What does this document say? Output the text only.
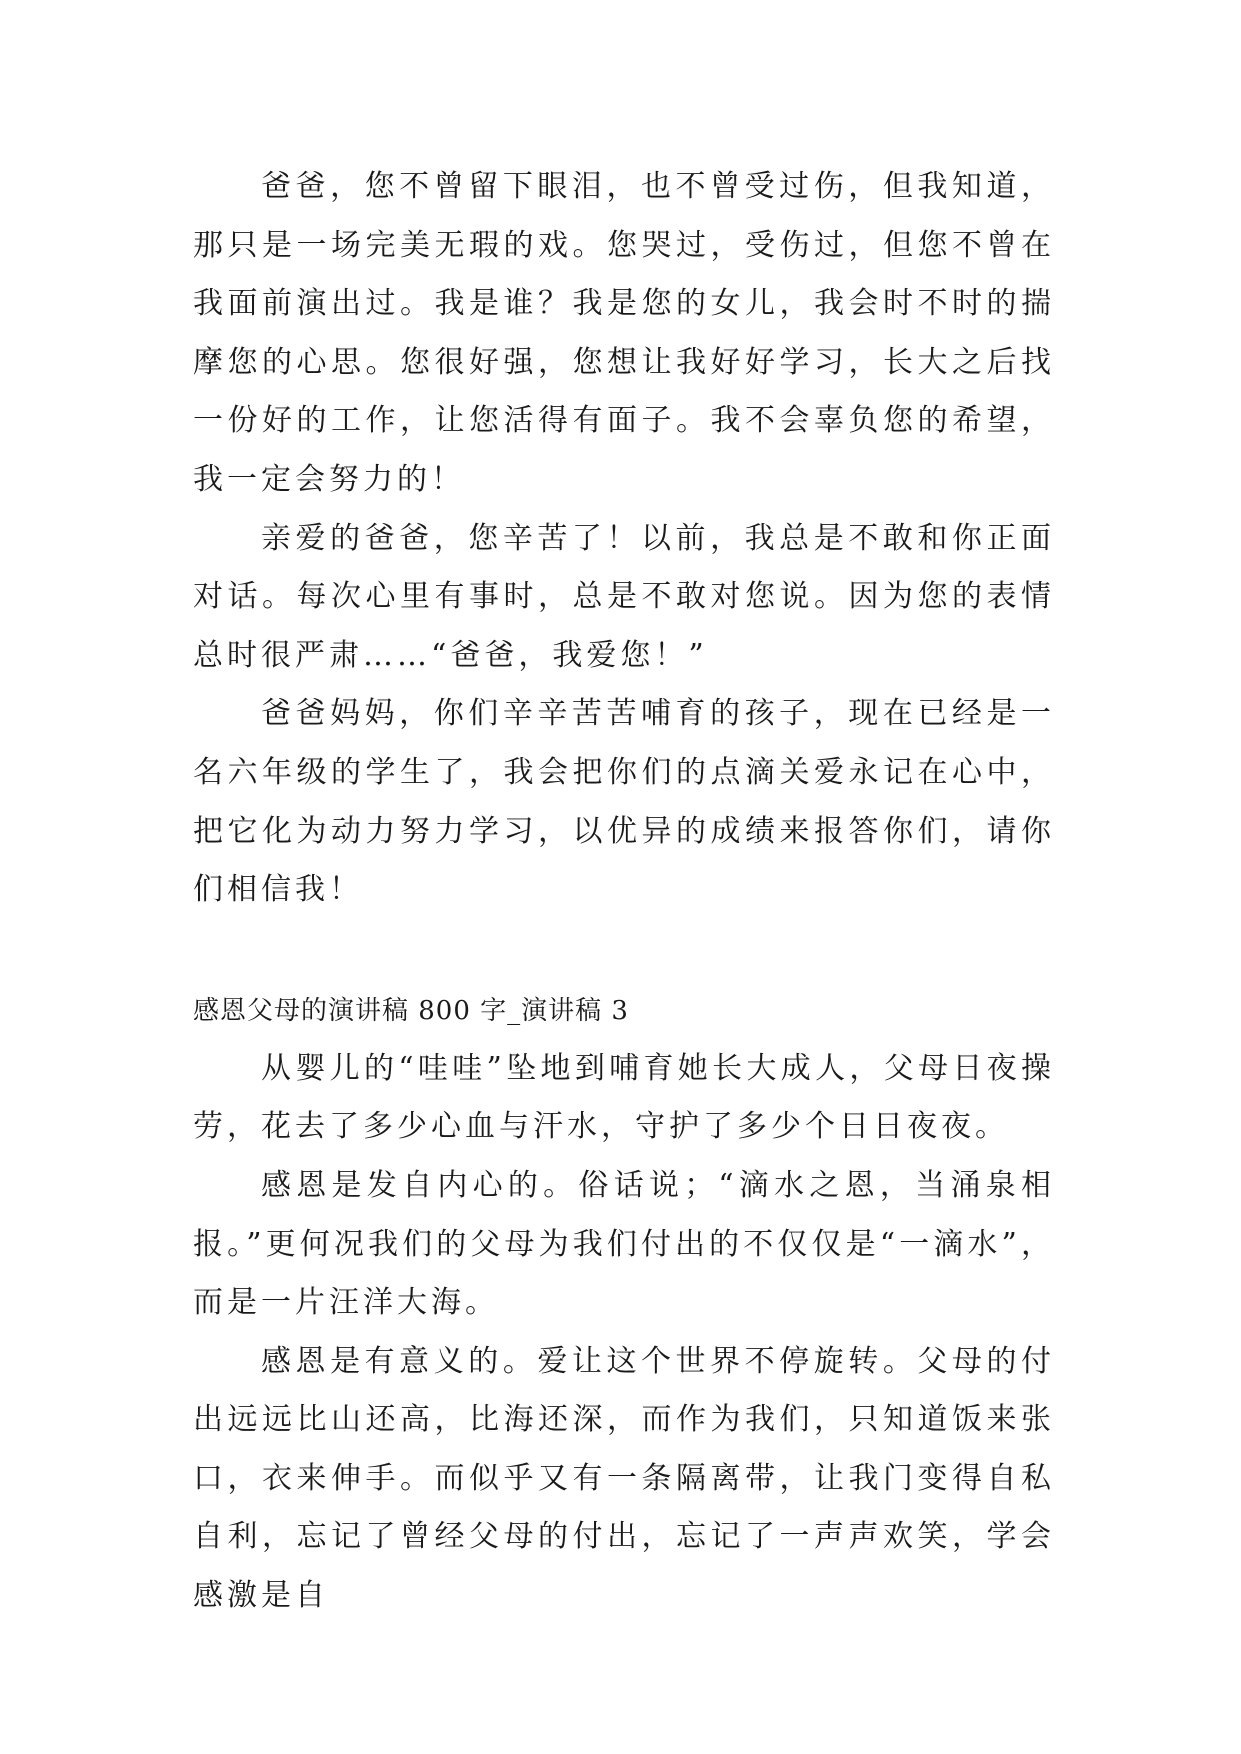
爸爸，您不曾留下眼泪，也不曾受过伤，但我知道，那只是一场完美无瑕的戏。您哭过，受伤过，但您不曾在我面前演出过。我是谁？我是您的女儿，我会时不时的揣摩您的心思。您很好强，您想让我好好学习，长大之后找一份好的工作，让您活得有面子。我不会辜负您的希望，我一定会努力的！

亲爱的爸爸，您辛苦了！以前，我总是不敢和你正面对话。每次心里有事时，总是不敢对您说。因为您的表情总时很严肃……“爸爸，我爱您！”

爸爸妈妈，你们辛辛苦苦哺育的孩子，现在已经是一名六年级的学生了，我会把你们的点滴关爱永记在心中，把它化为动力努力学习，以优异的成绩来报答你们，请你们相信我！

感恩父母的演讲稿 800 字_演讲稿 3

从婴儿的“哇哇”坠地到哺育她长大成人，父母日夜操劳，花去了多少心血与汗水，守护了多少个日日夜夜。

感恩是发自内心的。俗话说；“滴水之恩，当涌泉相报。”更何况我们的父母为我们付出的不仅仅是“一滴水”，而是一片汪洋大海。

感恩是有意义的。爱让这个世界不停旋转。父母的付出远远比山还高，比海还深，而作为我们，只知道饭来张口，衣来伸手。而似乎又有一条隔离带，让我门变得自私自利，忘记了曾经父母的付出，忘记了一声声欢笑，学会感激是自
